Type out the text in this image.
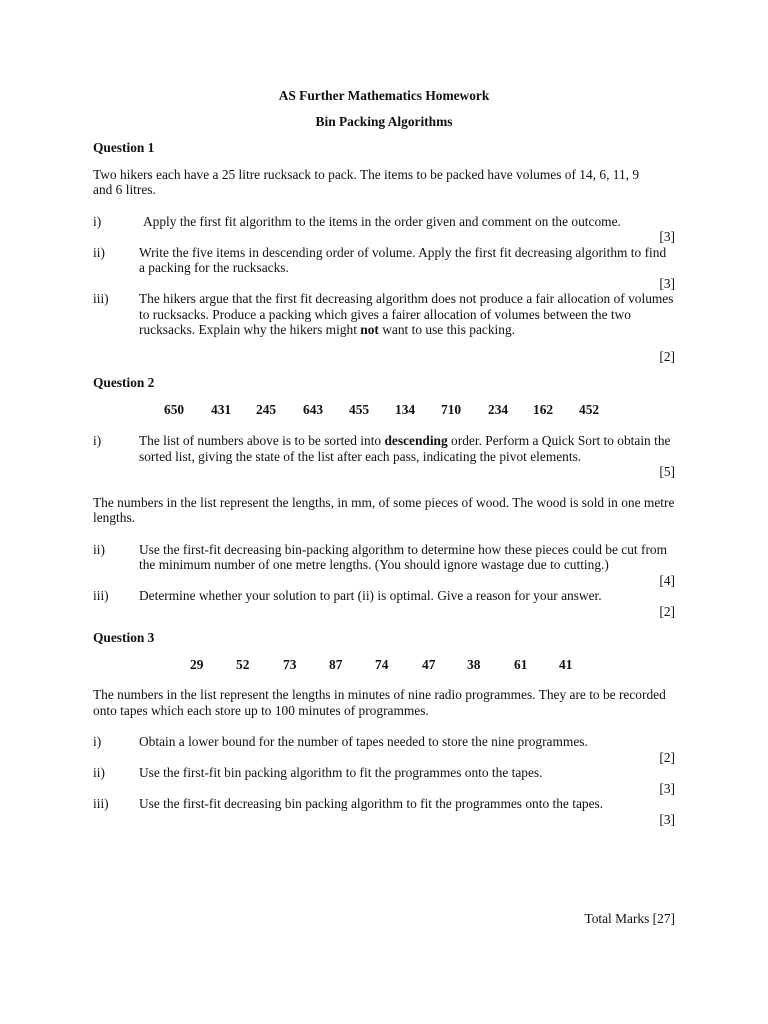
AS Further Mathematics Homework

Bin Packing Algorithms

Question 1

Two hikers each have a 25 litre rucksack to pack. The items to be packed have volumes of 14, 6, 11, 9 and 6 litres.

i)	Apply the first fit algorithm to the items in the order given and comment on the outcome.

[3]

ii)	Write the five items in descending order of volume. Apply the first fit decreasing algorithm to find a packing for the rucksacks.

[3]

iii)	The hikers argue that the first fit decreasing algorithm does not produce a fair allocation of volumes to rucksacks. Produce a packing which gives a fairer allocation of volumes between the two rucksacks. Explain why the hikers might not want to use this packing.

[2]

Question 2

650	431	245	643	455	134	710	234	162	452
i)	The list of numbers above is to be sorted into descending order. Perform a Quick Sort to obtain the sorted list, giving the state of the list after each pass, indicating the pivot elements.

[5]

The numbers in the list represent the lengths, in mm, of some pieces of wood. The wood is sold in one metre lengths.

ii)	Use the first-fit decreasing bin-packing algorithm to determine how these pieces could be cut from the minimum number of one metre lengths. (You should ignore wastage due to cutting.)

[4]

iii)	Determine whether your solution to part (ii) is optimal. Give a reason for your answer.

[2]

Question 3

29	52	73	87	74	47	38	61	41

The numbers in the list represent the lengths in minutes of nine radio programmes. They are to be recorded onto tapes which each store up to 100 minutes of programmes.

i)	Obtain a lower bound for the number of tapes needed to store the nine programmes.

[2]

ii)	Use the first-fit bin packing algorithm to fit the programmes onto the tapes.

[3]

iii)	Use the first-fit decreasing bin packing algorithm to fit the programmes onto the tapes.

[3]

Total Marks [27]
